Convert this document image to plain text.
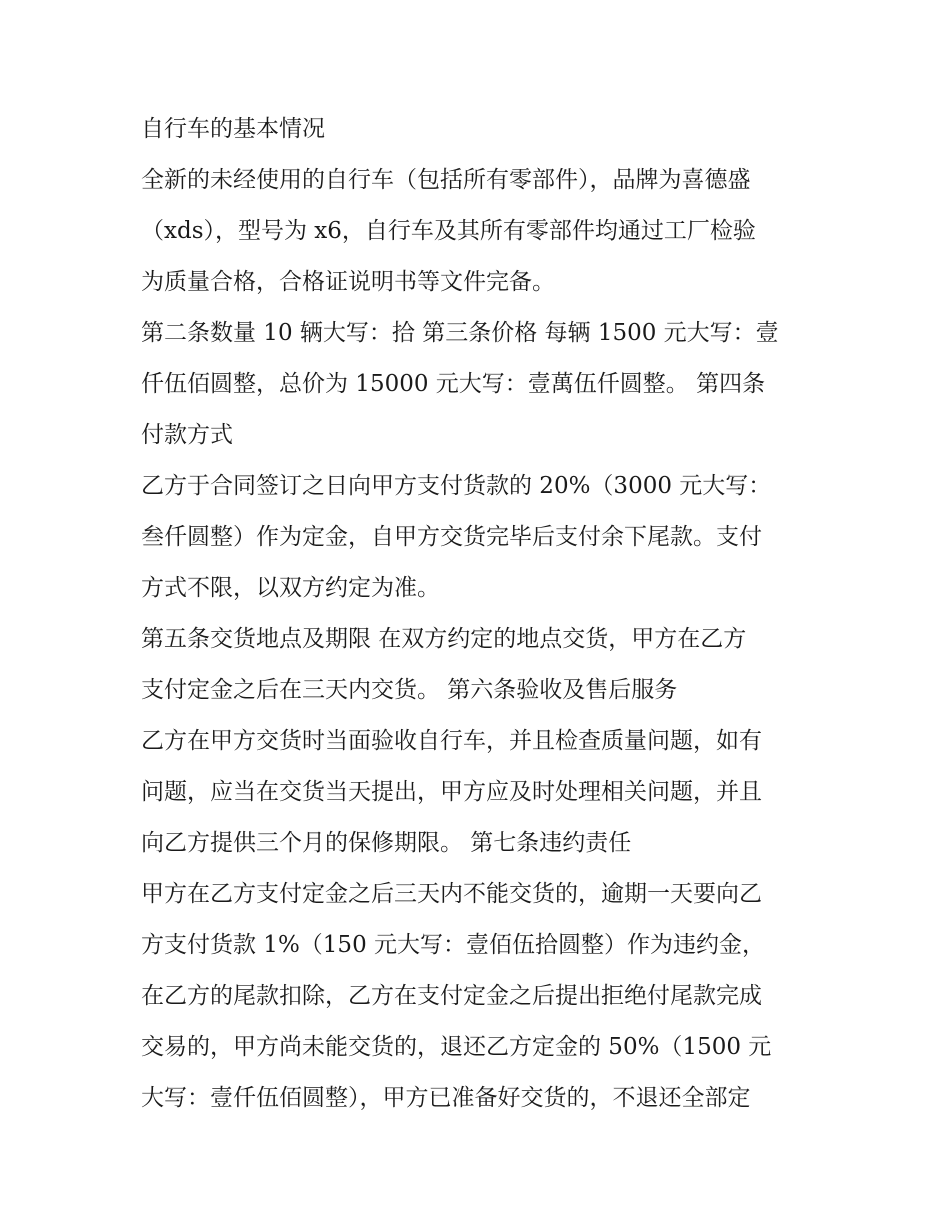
自行车的基本情况
全新的未经使用的自行车（包括所有零部件），品牌为喜德盛
（xds），型号为 x6，自行车及其所有零部件均通过工厂检验
为质量合格，合格证说明书等文件完备。
第二条数量 10 辆大写：拾 第三条价格 每辆 1500 元大写：壹
仟伍佰圆整，总价为 15000 元大写：壹萬伍仟圆整。 第四条
付款方式
乙方于合同签订之日向甲方支付货款的 20%（3000 元大写：
叁仟圆整）作为定金，自甲方交货完毕后支付余下尾款。支付
方式不限，以双方约定为准。
第五条交货地点及期限 在双方约定的地点交货，甲方在乙方
支付定金之后在三天内交货。 第六条验收及售后服务
乙方在甲方交货时当面验收自行车，并且检查质量问题，如有
问题，应当在交货当天提出，甲方应及时处理相关问题，并且
向乙方提供三个月的保修期限。 第七条违约责任
甲方在乙方支付定金之后三天内不能交货的，逾期一天要向乙
方支付货款 1%（150 元大写：壹佰伍拾圆整）作为违约金，
在乙方的尾款扣除，乙方在支付定金之后提出拒绝付尾款完成
交易的，甲方尚未能交货的，退还乙方定金的 50%（1500 元
大写：壹仟伍佰圆整），甲方已准备好交货的，不退还全部定
